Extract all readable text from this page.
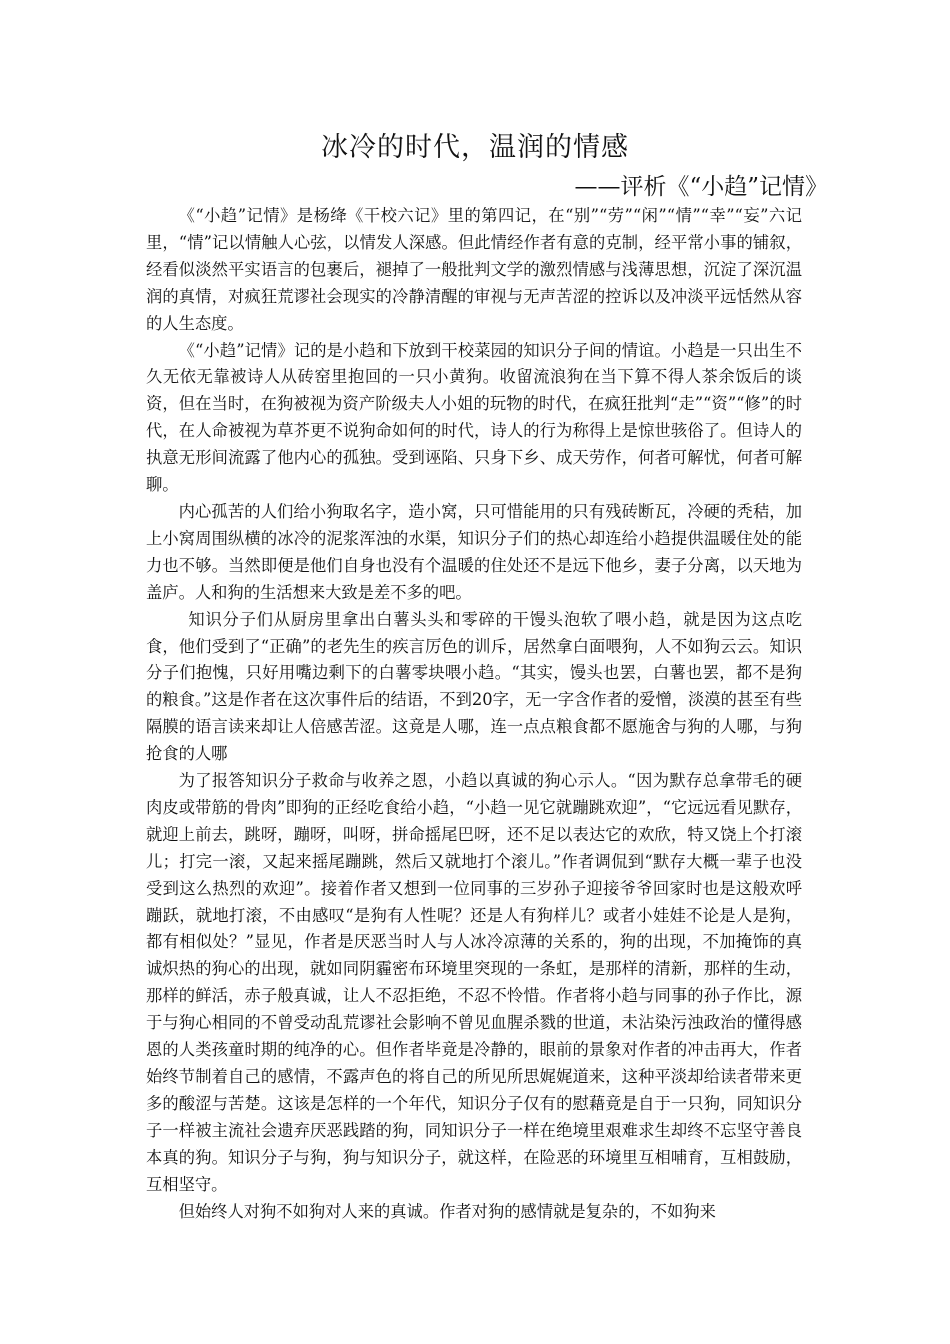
冰冷的时代，温润的情感
——评析《“小趋”记情》

《“小趋”记情》是杨绛《干校六记》里的第四记，在“别”“劳”“闲”“情”“幸”“妄”六记里，“情”记以情触人心弦，以情发人深感。但此情经作者有意的克制，经平常小事的铺叙，经看似淡然平实语言的包裹后，褪掉了一般批判文学的激烈情感与浅薄思想，沉淀了深沉温润的真情，对疯狂荒谬社会现实的冷静清醒的审视与无声苦涩的控诉以及冲淡平远恬然从容的人生态度。

《“小趋”记情》记的是小趋和下放到干校菜园的知识分子间的情谊。小趋是一只出生不久无依无靠被诗人从砖窑里抱回的一只小黄狗。收留流浪狗在当下算不得人茶余饭后的谈资，但在当时，在狗被视为资产阶级夫人小姐的玩物的时代，在疯狂批判“走”“资”“修”的时代，在人命被视为草芥更不说狗命如何的时代，诗人的行为称得上是惊世骇俗了。但诗人的执意无形间流露了他内心的孤独。受到诬陷、只身下乡、成天劳作，何者可解忧，何者可解聊。

内心孤苦的人们给小狗取名字，造小窝，只可惜能用的只有残砖断瓦，冷硬的秃秸，加上小窝周围纵横的冰冷的泥浆浑浊的水渠，知识分子们的热心却连给小趋提供温暖住处的能力也不够。当然即便是他们自身也没有个温暖的住处还不是远下他乡，妻子分离，以天地为盖庐。人和狗的生活想来大致是差不多的吧。

知识分子们从厨房里拿出白薯头头和零碎的干馒头泡软了喂小趋，就是因为这点吃食，他们受到了“正确”的老先生的疾言厉色的训斥，居然拿白面喂狗，人不如狗云云。知识分子们抱愧，只好用嘴边剩下的白薯零块喂小趋。“其实，馒头也罢，白薯也罢，都不是狗的粮食。”这是作者在这次事件后的结语，不到20字，无一字含作者的爱憎，淡漠的甚至有些隔膜的语言读来却让人倍感苦涩。这竟是人哪，连一点点粮食都不愿施舍与狗的人哪，与狗抢食的人哪

为了报答知识分子救命与收养之恩，小趋以真诚的狗心示人。“因为默存总拿带毛的硬肉皮或带筋的骨肉”即狗的正经吃食给小趋，“小趋一见它就蹦跳欢迎”，“它远远看见默存，就迎上前去，跳呀，蹦呀，叫呀，拼命摇尾巴呀，还不足以表达它的欢欣，特又饶上个打滚儿；打完一滚，又起来摇尾蹦跳，然后又就地打个滚儿。”作者调侃到“默存大概一辈子也没受到这么热烈的欢迎”。接着作者又想到一位同事的三岁孙子迎接爷爷回家时也是这般欢呼蹦跃，就地打滚，不由感叹“是狗有人性呢？还是人有狗样儿？或者小娃娃不论是人是狗，都有相似处？”显见，作者是厌恶当时人与人冰冷凉薄的关系的，狗的出现，不加掩饰的真诚炽热的狗心的出现，就如同阴霾密布环境里突现的一条虹，是那样的清新，那样的生动，那样的鲜活，赤子般真诚，让人不忍拒绝，不忍不怜惜。作者将小趋与同事的孙子作比，源于与狗心相同的不曾受动乱荒谬社会影响不曾见血腥杀戮的世道，未沾染污浊政治的懂得感恩的人类孩童时期的纯净的心。但作者毕竟是冷静的，眼前的景象对作者的冲击再大，作者始终节制着自己的感情，不露声色的将自己的所见所思娓娓道来，这种平淡却给读者带来更多的酸涩与苦楚。这该是怎样的一个年代，知识分子仅有的慰藉竟是自于一只狗，同知识分子一样被主流社会遗弃厌恶践踏的狗，同知识分子一样在绝境里艰难求生却终不忘坚守善良本真的狗。知识分子与狗，狗与知识分子，就这样，在险恶的环境里互相哺育，互相鼓励，互相坚守。

但始终人对狗不如狗对人来的真诚。作者对狗的感情就是复杂的，不如狗来
